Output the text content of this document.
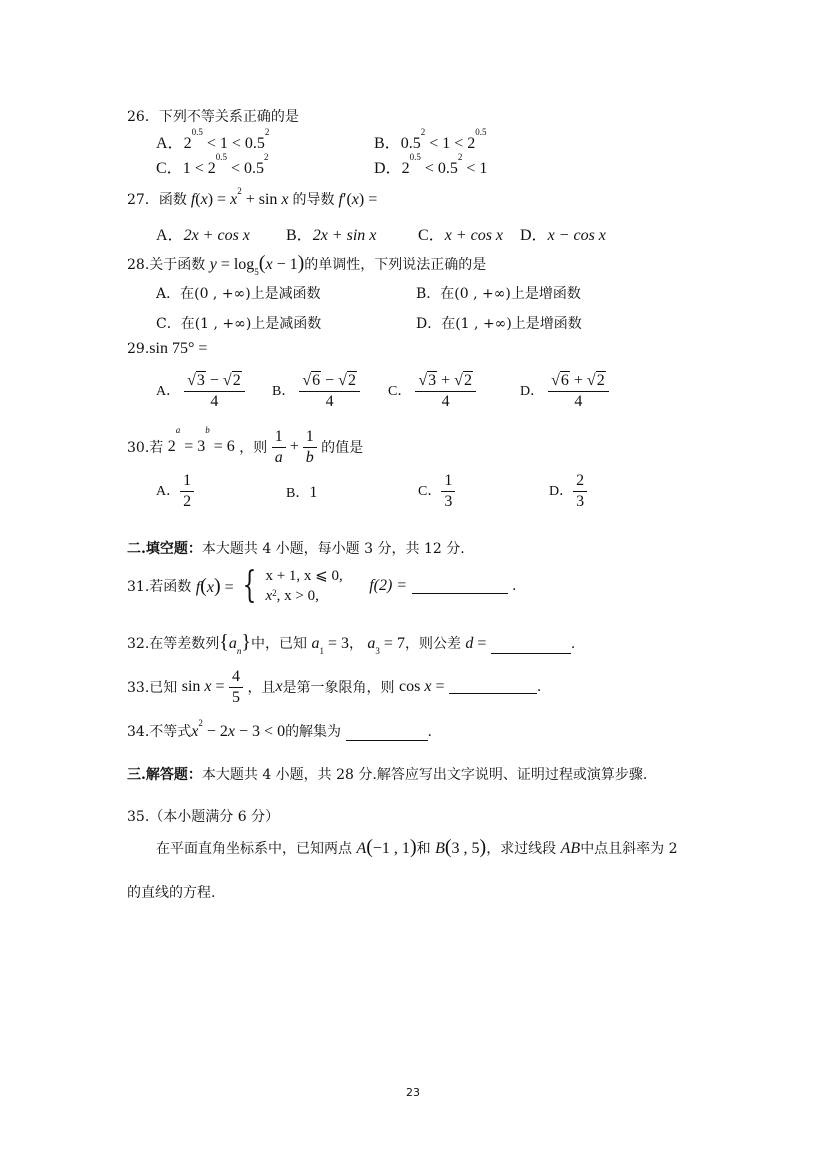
26．下列不等关系正确的是
A．$2^{0.5} < 1 < 0.5^2$
B．$0.5^2 < 1 < 2^{0.5}$
C．$1 < 2^{0.5} < 0.5^2$
D．$2^{0.5} < 0.5^2 < 1$
27．函数 $f(x) = x^2 + \sin x$ 的导数 f′(x) =
A．2x + cos x B．2x + sin x	C．x + cos x D．x − cos x
28.关于函数 $y = \log_5(x - 1)$的单调性，下列说法正确的是
A．在(0 , +∞)上是减函数	B．在(0 , +∞)上是增函数
C．在(1 , +∞)上是减函数	D．在(1 , +∞)上是增函数
29.sin 75° =
A． $\frac{√3 - √2}{4}$ B． $\frac{√6 - √2}{4}$ C． $\frac{√3 + √2}{4}$	D． $\frac{√6 + √2}{4}$
30.若 $2^a = 3^b = 6$ ，则 $\frac{1}{a} + \frac{1}{b}$ 的值是
A． $\frac{1}{2}$	B．1	C． $\frac{1}{3}$	D． $\frac{2}{3}$
二.填空题：本大题共 4 小题，每小题 3 分，共 12 分.
31.若函数 f(x) = { x + 1, x ⩽ 0,
$x^2$, x > 0, f(2) =	.
32.在等差数列$\{a_n\}$中，已知 $a_1 = 3$， $a_3 = 7$，则公差 d =	.
33.已知 $\sin x = \frac{4}{5}$ ，且x是第一象限角，则 cos x =	.
34.不等式$x^2 - 2x - 3 < 0$的解集为	.
三.解答题：本大题共 4 小题，共 28 分.解答应写出文字说明、证明过程或演算步骤.
35.（本小题满分 6 分）
在平面直角坐标系中，已知两点 A(−1 , 1)和 B(3 , 5)，求过线段 AB中点且斜率为 2
的直线的方程.
23
